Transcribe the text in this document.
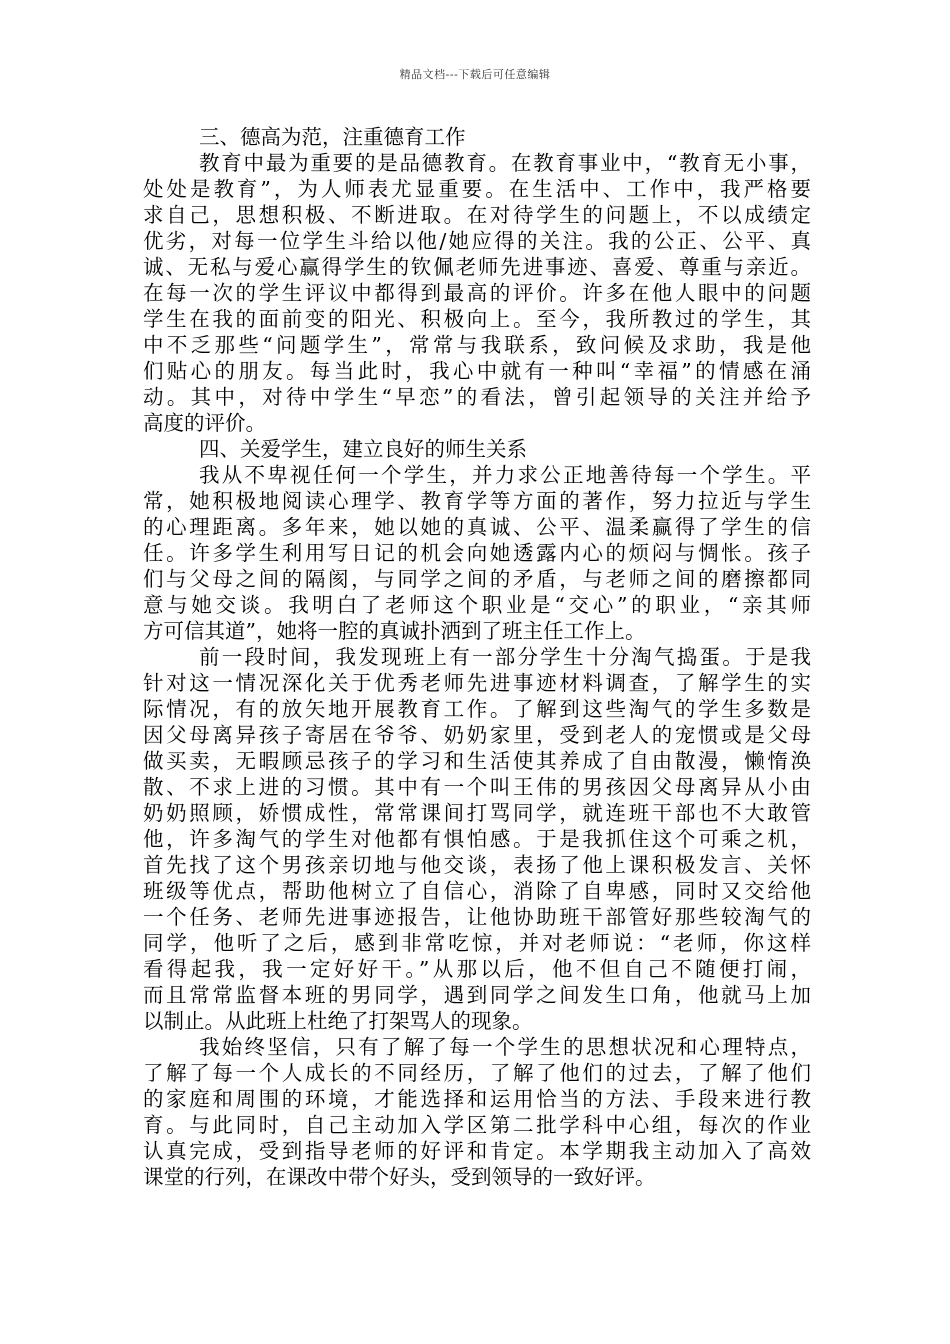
精品文档---下载后可任意编辑
三、德高为范，注重德育工作
教育中最为重要的是品德教育。在教育事业中，“教育无小事，
处处是教育”，为人师表尤显重要。在生活中、工作中，我严格要
求自己，思想积极、不断进取。在对待学生的问题上，不以成绩定
优劣，对每一位学生斗给以他/她应得的关注。我的公正、公平、真
诚、无私与爱心赢得学生的钦佩老师先进事迹、喜爱、尊重与亲近。
在每一次的学生评议中都得到最高的评价。许多在他人眼中的问题
学生在我的面前变的阳光、积极向上。至今，我所教过的学生，其
中不乏那些“问题学生”，常常与我联系，致问候及求助，我是他
们贴心的朋友。每当此时，我心中就有一种叫“幸福”的情感在涌
动。其中，对待中学生“早恋”的看法，曾引起领导的关注并给予
高度的评价。
四、关爱学生，建立良好的师生关系
我从不卑视任何一个学生，并力求公正地善待每一个学生。平
常，她积极地阅读心理学、教育学等方面的著作，努力拉近与学生
的心理距离。多年来，她以她的真诚、公平、温柔赢得了学生的信
任。许多学生利用写日记的机会向她透露内心的烦闷与惆怅。孩子
们与父母之间的隔阂，与同学之间的矛盾，与老师之间的磨擦都同
意与她交谈。我明白了老师这个职业是“交心”的职业，“亲其师
方可信其道”，她将一腔的真诚扑洒到了班主任工作上。
前一段时间，我发现班上有一部分学生十分淘气捣蛋。于是我
针对这一情况深化关于优秀老师先进事迹材料调查，了解学生的实
际情况，有的放矢地开展教育工作。了解到这些淘气的学生多数是
因父母离异孩子寄居在爷爷、奶奶家里，受到老人的宠惯或是父母
做买卖，无暇顾忌孩子的学习和生活使其养成了自由散漫，懒惰涣
散、不求上进的习惯。其中有一个叫王伟的男孩因父母离异从小由
奶奶照顾，娇惯成性，常常课间打骂同学，就连班干部也不大敢管
他，许多淘气的学生对他都有惧怕感。于是我抓住这个可乘之机，
首先找了这个男孩亲切地与他交谈，表扬了他上课积极发言、关怀
班级等优点，帮助他树立了自信心，消除了自卑感，同时又交给他
一个任务、老师先进事迹报告，让他协助班干部管好那些较淘气的
同学，他听了之后，感到非常吃惊，并对老师说：“老师，你这样
看得起我，我一定好好干。”从那以后，他不但自己不随便打闹，
而且常常监督本班的男同学，遇到同学之间发生口角，他就马上加
以制止。从此班上杜绝了打架骂人的现象。
我始终坚信，只有了解了每一个学生的思想状况和心理特点，
了解了每一个人成长的不同经历，了解了他们的过去，了解了他们
的家庭和周围的环境，才能选择和运用恰当的方法、手段来进行教
育。与此同时，自己主动加入学区第二批学科中心组，每次的作业
认真完成，受到指导老师的好评和肯定。本学期我主动加入了高效
课堂的行列，在课改中带个好头，受到领导的一致好评。
